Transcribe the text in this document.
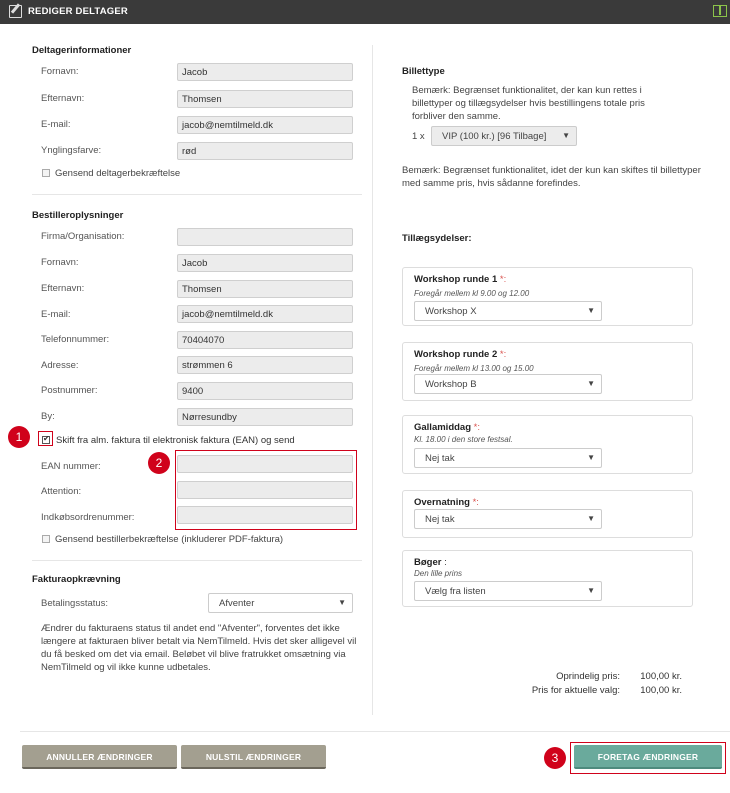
REDIGER DELTAGER
Deltagerinformationer
Fornavn:	Jacob
Efternavn:	Thomsen
E-mail:	jacob@nemtilmeld.dk
Ynglingsfarve:	rød
Gensend deltagerbekræftelse
Bestilleroplysninger
Firma/Organisation:
Fornavn:	Jacob
Efternavn:	Thomsen
E-mail:	jacob@nemtilmeld.dk
Telefonnummer:	70404070
Adresse:	strømmen 6
Postnummer:	9400
By:	Nørresundby
✔
Skift fra alm. faktura til elektronisk faktura (EAN) og send
EAN nummer:
Attention:
Indkøbsordrenummer:
Gensend bestillerbekræftelse (inkluderer PDF-faktura)
Fakturaopkrævning
Betalingsstatus:	Afventer	▼
Ændrer du fakturaens status til andet end "Afventer", forventes det ikke længere at fakturaen bliver betalt via NemTilmeld. Hvis det sker alligevel vil du få besked om det via email. Beløbet vil blive fratrukket omsætning via NemTilmeld og vil ikke kunne udbetales.
Billettype
Bemærk: Begrænset funktionalitet, der kan kun rettes i billettyper og tillægsydelser hvis bestillingens totale pris forbliver den samme.
1 x	VIP (100 kr.) [96 Tilbage] ▼
Bemærk: Begrænset funktionalitet, idet der kun kan skiftes til billettyper med samme pris, hvis sådanne forefindes.
Tillægsydelser:
Workshop runde 1 *:
Foregår mellem kl 9.00 og 12.00
Workshop X	▼
Workshop runde 2 *:
Foregår mellem kl 13.00 og 15.00
Workshop B	▼
Gallamiddag *:
Kl. 18.00 i den store festsal.
Nej tak	▼
Overnatning *:
Nej tak	▼
Bøger :
Den lille prins
Vælg fra listen	▼
Oprindelig pris:	100,00 kr.
Pris for aktuelle valg:	100,00 kr.
ANNULLER ÆNDRINGER	NULSTIL ÆNDRINGER	FORETAG ÆNDRINGER
1
2
3
